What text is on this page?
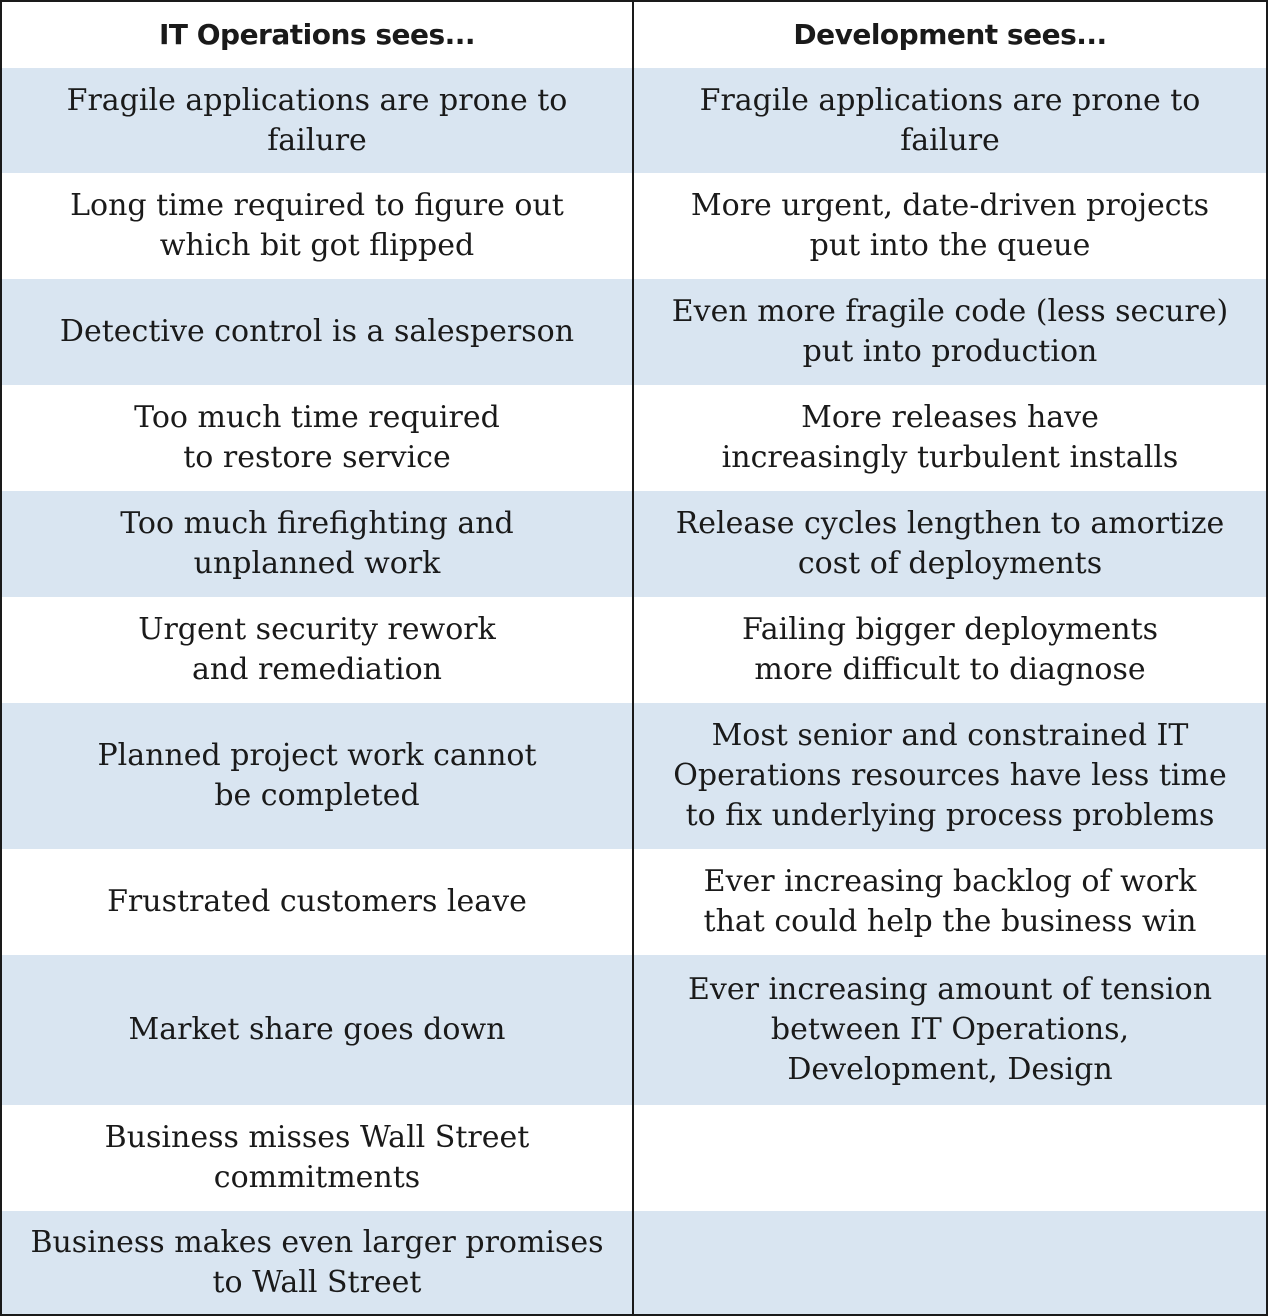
IT Operations sees...	Development sees...
Fragile applications are prone to failure
Fragile applications are prone to failure
Long time required to figure out which bit got flipped
More urgent, date-driven projects put into the queue
Detective control is a salesperson
Even more fragile code (less secure) put into production
Too much time required to restore service
More releases have increasingly turbulent installs
Too much firefighting and unplanned work
Release cycles lengthen to amortize cost of deployments
Urgent security rework and remediation
Failing bigger deployments more difficult to diagnose
Planned project work cannot be completed
Most senior and constrained IT Operations resources have less time to fix underlying process problems
Frustrated customers leave
Ever increasing backlog of work that could help the business win
Market share goes down
Ever increasing amount of tension between IT Operations, Development, Design
Business misses Wall Street commitments
Business makes even larger promises to Wall Street
